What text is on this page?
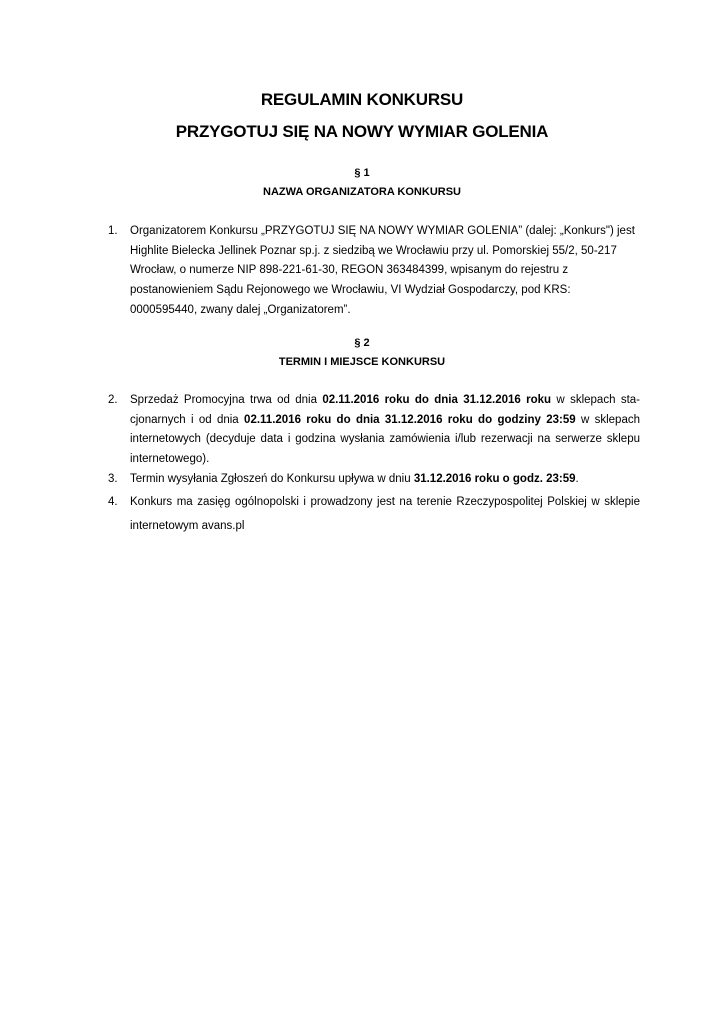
REGULAMIN KONKURSU
PRZYGOTUJ SIĘ NA NOWY WYMIAR GOLENIA
§ 1
NAZWA ORGANIZATORA KONKURSU
1. Organizatorem Konkursu „PRZYGOTUJ SIĘ NA NOWY WYMIAR GOLENIA” (dalej: „Konkurs") jest Highlite Bielecka Jellinek Poznar sp.j. z siedzibą we Wrocławiu przy ul. Pomorskiej 55/2, 50-217 Wrocław, o numerze NIP 898-221-61-30, REGON 363484399, wpisanym do rejestru z postanowieniem Sądu Rejonowego we Wrocławiu, VI Wydział Gospodarczy, pod KRS: 0000595440, zwany dalej „Organizatorem”.
§ 2
TERMIN I MIEJSCE KONKURSU
2. Sprzedaż Promocyjna trwa od dnia 02.11.2016 roku do dnia 31.12.2016 roku w sklepach sta-cjonarnych i od dnia 02.11.2016 roku do dnia 31.12.2016 roku do godziny 23:59 w sklepach internetowych (decyduje data i godzina wysłania zamówienia i/lub rezerwacji na serwerze sklepu internetowego).
3. Termin wysyłania Zgłoszeń do Konkursu upływa w dniu 31.12.2016 roku o godz. 23:59.
4. Konkurs ma zasięg ogólnopolski i prowadzony jest na terenie Rzeczypospolitej Polskiej w sklepie internetowym avans.pl
